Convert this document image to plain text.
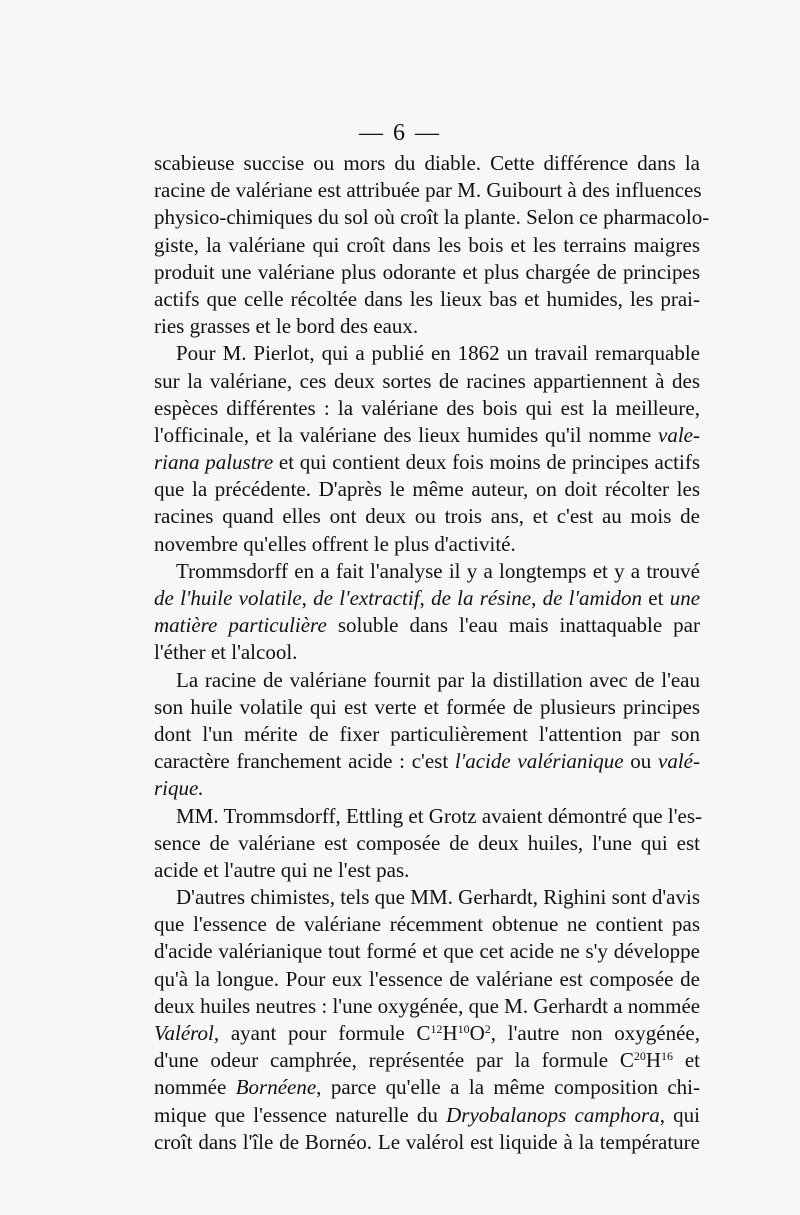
— 6 —
scabieuse succise ou mors du diable. Cette différence dans la
racine de valériane est attribuée par M. Guibourt à des influences
physico-chimiques du sol où croît la plante. Selon ce pharmacolo-
giste, la valériane qui croît dans les bois et les terrains maigres
produit une valériane plus odorante et plus chargée de principes
actifs que celle récoltée dans les lieux bas et humides, les prai-
ries grasses et le bord des eaux.
Pour M. Pierlot, qui a publié en 1862 un travail remarquable
sur la valériane, ces deux sortes de racines appartiennent à des
espèces différentes : la valériane des bois qui est la meilleure,
l'officinale, et la valériane des lieux humides qu'il nomme vale-
riana palustre et qui contient deux fois moins de principes actifs
que la précédente. D'après le même auteur, on doit récolter les
racines quand elles ont deux ou trois ans, et c'est au mois de
novembre qu'elles offrent le plus d'activité.
Trommsdorff en a fait l'analyse il y a longtemps et y a trouvé
de l'huile volatile, de l'extractif, de la résine, de l'amidon et une
matière particulière soluble dans l'eau mais inattaquable par
l'éther et l'alcool.
La racine de valériane fournit par la distillation avec de l'eau
son huile volatile qui est verte et formée de plusieurs principes
dont l'un mérite de fixer particulièrement l'attention par son
caractère franchement acide : c'est l'acide valérianique ou valé-
rique.
MM. Trommsdorff, Ettling et Grotz avaient démontré que l'es-
sence de valériane est composée de deux huiles, l'une qui est
acide et l'autre qui ne l'est pas.
D'autres chimistes, tels que MM. Gerhardt, Righini sont d'avis
que l'essence de valériane récemment obtenue ne contient pas
d'acide valérianique tout formé et que cet acide ne s'y développe
qu'à la longue. Pour eux l'essence de valériane est composée de
deux huiles neutres : l'une oxygénée, que M. Gerhardt a nommée
Valérol, ayant pour formule $C^{12}H^{10}O^2$, l'autre non oxygénée,
d'une odeur camphrée, représentée par la formule $C^{20}H^{16}$ et
nommée Bornéene, parce qu'elle a la même composition chi-
mique que l'essence naturelle du Dryobalanops camphora, qui
croît dans l'île de Bornéo. Le valérol est liquide à la température
